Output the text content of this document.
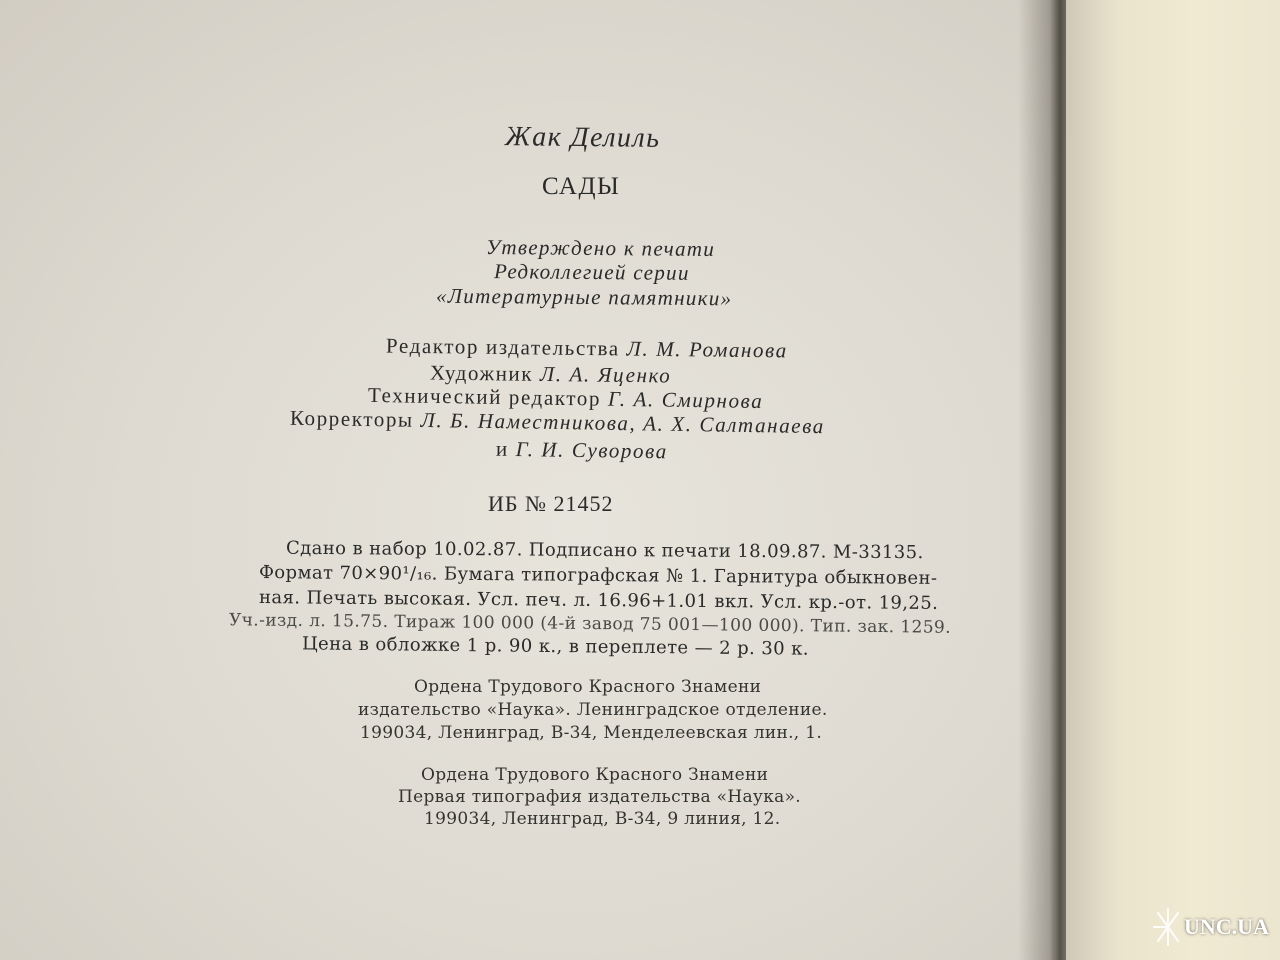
Жак Делиль

САДЫ

Утверждено к печати

Редколлегией серии

«Литературные памятники»

Редактор издательства Л. М. Романова

Художник Л. А. Яценко

Технический редактор Г. А. Смирнова

Корректоры Л. Б. Наместникова, А. Х. Салтанаева

и Г. И. Суворова

ИБ № 21452

Сдано в набор 10.02.87. Подписано к печати 18.09.87. М-33135.

Формат 70×90¹/₁₆. Бумага типографская № 1. Гарнитура обыкновен-

ная. Печать высокая. Усл. печ. л. 16.96+1.01 вкл. Усл. кр.-от. 19,25.

Уч.-изд. л. 15.75. Тираж 100 000 (4-й завод 75 001—100 000). Тип. зак. 1259.

Цена в обложке 1 р. 90 к., в переплете — 2 р. 30 к.

Ордена Трудового Красного Знамени

издательство «Наука». Ленинградское отделение.

199034, Ленинград, В-34, Менделеевская лин., 1.

Ордена Трудового Красного Знамени

Первая типография издательства «Наука».

199034, Ленинград, В-34, 9 линия, 12.

UNC.UA
